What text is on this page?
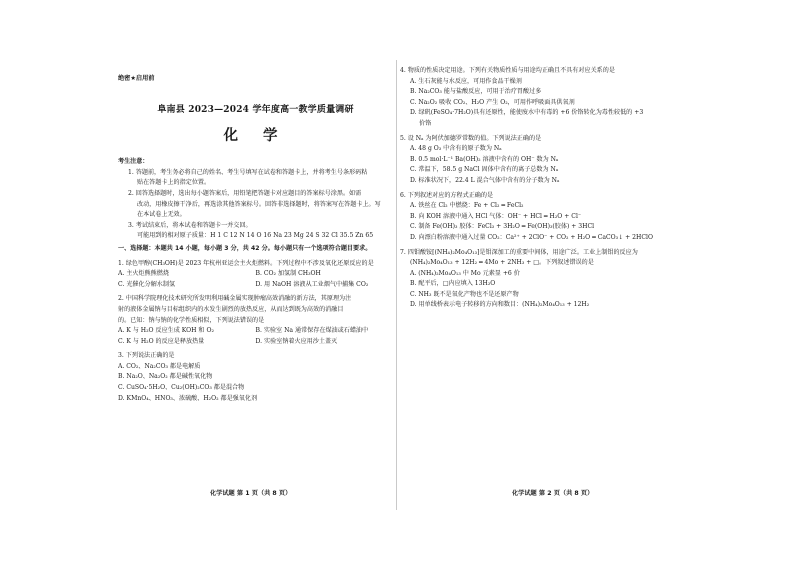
绝密★启用前
阜南县 2023—2024 学年度高一教学质量调研
化 学
考生注意：
1. 答题前，考生务必将自己的姓名、考生号填写在试卷和答题卡上，并将考生号条形码粘
贴在答题卡上的指定位置。
2. 回答选择题时，选出每小题答案后，用铅笔把答题卡对应题目的答案标号涂黑。如需
改动，用橡皮擦干净后，再选涂其他答案标号。回答非选择题时，将答案写在答题卡上。写
在本试卷上无效。
3. 考试结束后，将本试卷和答题卡一并交回。
可能用到的相对原子质量：H 1 C 12 N 14 O 16 Na 23 Mg 24 S 32 Cl 35.5 Zn 65
一、选择题：本题共 14 小题，每小题 3 分，共 42 分。每小题只有一个选项符合题目要求。
1. 绿色甲醇(CH₃OH)是 2023 年杭州亚运会主火炬燃料。下列过程中不涉及氧化还原反应的是
A. 主火炬熊熊燃烧	B. CO₂ 加氢制 CH₃OH
C. 光催化分解水制氢	D. 用 NaOH 溶液从工业烟气中捕集 CO₂
2. 中国科学院理化技术研究所发明利用碱金属实现肿瘤高效消融的新方法，其原理为注
射的液体金属钠与目标组织内的水发生剧烈的放热反应，从而达到既为高效的消融目
的。已知：钠与钠的化学性质相似，下列说法错误的是
A. K 与 H₂O 反应生成 KOH 和 O₂	B. 实验室 Na 通常保存在煤油或石蜡油中
C. K 与 H₂O 的反应是释放热量	D. 实验室钠着火应用沙土盖灭
3. 下列说法正确的是
A. CO₂、Na₂CO₃ 都是电解质
B. Na₂O、Na₂O₂ 都是碱性氧化物
C. CuSO₄·5H₂O、Cu₂(OH)₂CO₃ 都是混合物
D. KMnO₄、HNO₃、浓硫酸、H₂O₂ 都是强氧化剂
4. 物质的性质决定用途。下列有关物质性质与用途均正确且不具有对应关系的是
A. 生石灰能与水反应，可用作食品干燥剂
B. Na₂CO₃ 能与盐酸反应，可用于治疗胃酸过多
C. Na₂O₂ 吸收 CO₂、H₂O 产生 O₂，可用作呼吸面具供氧剂
D. 绿矾(FeSO₄·7H₂O)具有还原性，能使废水中有毒的 +6 价铬转化为毒性较低的 +3
价铬
5. 设 Nₐ 为阿伏加德罗常数的值。下列说法正确的是
A. 48 g O₃ 中含有的原子数为 Nₐ
B. 0.5 mol·L⁻¹ Ba(OH)₂ 溶液中含有的 OH⁻ 数为 Nₐ
C. 常温下，58.5 g NaCl 固体中含有的离子总数为 Nₐ
D. 标准状况下，22.4 L 混合气体中含有的分子数为 Nₐ
6. 下列叙述对应的方程式正确的是
A. 铁丝在 Cl₂ 中燃烧：Fe + Cl₂ ═ FeCl₂
B. 向 KOH 溶液中通入 HCl 气体：OH⁻ + HCl ═ H₂O + Cl⁻
C. 制备 Fe(OH)₃ 胶体：FeCl₃ + 3H₂O ═ Fe(OH)₃(胶体) + 3HCl
D. 向漂白粉溶液中通入过量 CO₂：Ca²⁺ + 2ClO⁻ + CO₂ + H₂O ═ CaCO₃↓ + 2HClO
7. 四钼酸铵[(NH₄)₂Mo₄O₁₃]是钼深加工的重要中间体，用途广泛。工业上制钼的反应为
(NH₄)₂Mo₄O₁₃ + 12H₂ ═ 4Mo + 2NH₃ + □。下列叙述错误的是
A. (NH₄)₂Mo₄O₁₃ 中 Mo 元素显 +6 价
B. 配平后，□内应填入 13H₂O
C. NH₃ 既不是氧化产物也不是还原产物
D. 用单线桥表示电子转移的方向和数目：(NH₄)₂Mo₄O₁₃ + 12H₂
化学试题 第 1 页（共 8 页）	化学试题 第 2 页（共 8 页）
